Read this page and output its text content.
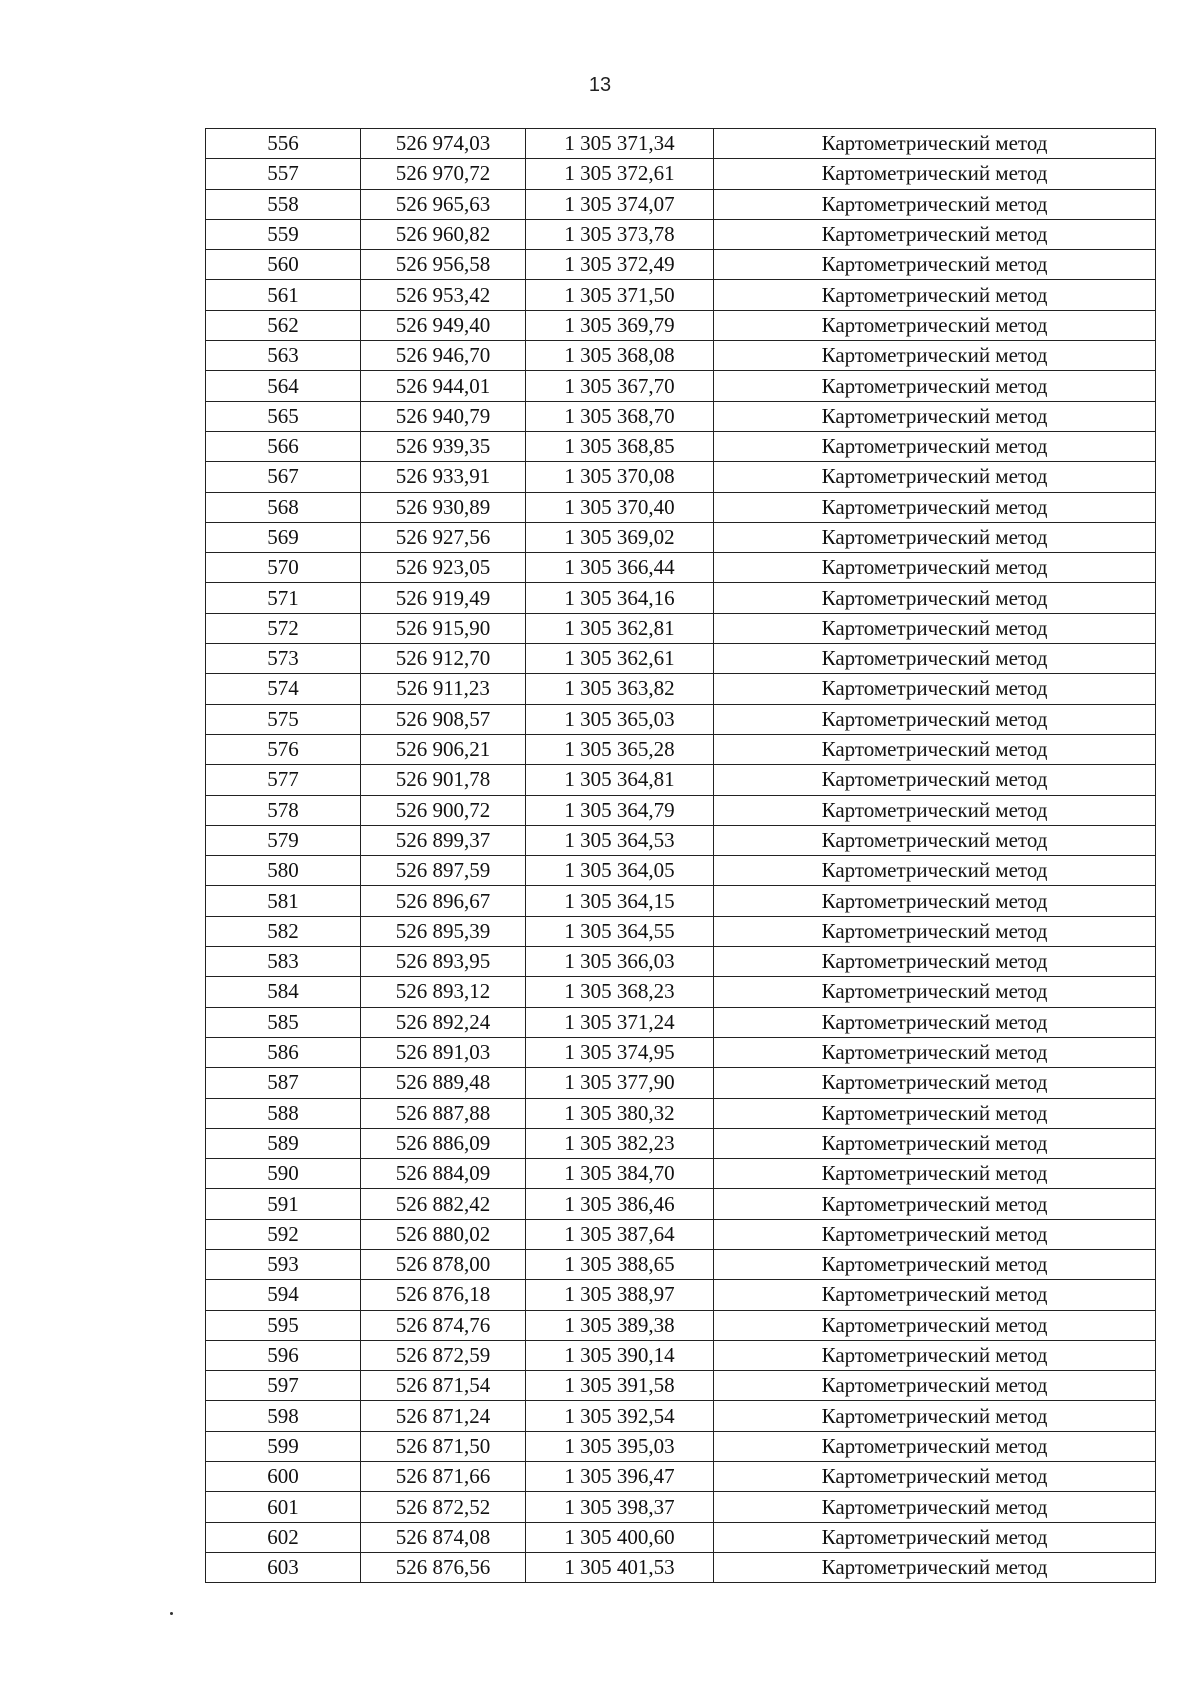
13
556	526 974,03	1 305 371,34	Картометрический метод
557	526 970,72	1 305 372,61	Картометрический метод
558	526 965,63	1 305 374,07	Картометрический метод
559	526 960,82	1 305 373,78	Картометрический метод
560	526 956,58	1 305 372,49	Картометрический метод
561	526 953,42	1 305 371,50	Картометрический метод
562	526 949,40	1 305 369,79	Картометрический метод
563	526 946,70	1 305 368,08	Картометрический метод
564	526 944,01	1 305 367,70	Картометрический метод
565	526 940,79	1 305 368,70	Картометрический метод
566	526 939,35	1 305 368,85	Картометрический метод
567	526 933,91	1 305 370,08	Картометрический метод
568	526 930,89	1 305 370,40	Картометрический метод
569	526 927,56	1 305 369,02	Картометрический метод
570	526 923,05	1 305 366,44	Картометрический метод
571	526 919,49	1 305 364,16	Картометрический метод
572	526 915,90	1 305 362,81	Картометрический метод
573	526 912,70	1 305 362,61	Картометрический метод
574	526 911,23	1 305 363,82	Картометрический метод
575	526 908,57	1 305 365,03	Картометрический метод
576	526 906,21	1 305 365,28	Картометрический метод
577	526 901,78	1 305 364,81	Картометрический метод
578	526 900,72	1 305 364,79	Картометрический метод
579	526 899,37	1 305 364,53	Картометрический метод
580	526 897,59	1 305 364,05	Картометрический метод
581	526 896,67	1 305 364,15	Картометрический метод
582	526 895,39	1 305 364,55	Картометрический метод
583	526 893,95	1 305 366,03	Картометрический метод
584	526 893,12	1 305 368,23	Картометрический метод
585	526 892,24	1 305 371,24	Картометрический метод
586	526 891,03	1 305 374,95	Картометрический метод
587	526 889,48	1 305 377,90	Картометрический метод
588	526 887,88	1 305 380,32	Картометрический метод
589	526 886,09	1 305 382,23	Картометрический метод
590	526 884,09	1 305 384,70	Картометрический метод
591	526 882,42	1 305 386,46	Картометрический метод
592	526 880,02	1 305 387,64	Картометрический метод
593	526 878,00	1 305 388,65	Картометрический метод
594	526 876,18	1 305 388,97	Картометрический метод
595	526 874,76	1 305 389,38	Картометрический метод
596	526 872,59	1 305 390,14	Картометрический метод
597	526 871,54	1 305 391,58	Картометрический метод
598	526 871,24	1 305 392,54	Картометрический метод
599	526 871,50	1 305 395,03	Картометрический метод
600	526 871,66	1 305 396,47	Картометрический метод
601	526 872,52	1 305 398,37	Картометрический метод
602	526 874,08	1 305 400,60	Картометрический метод
603	526 876,56	1 305 401,53	Картометрический метод
